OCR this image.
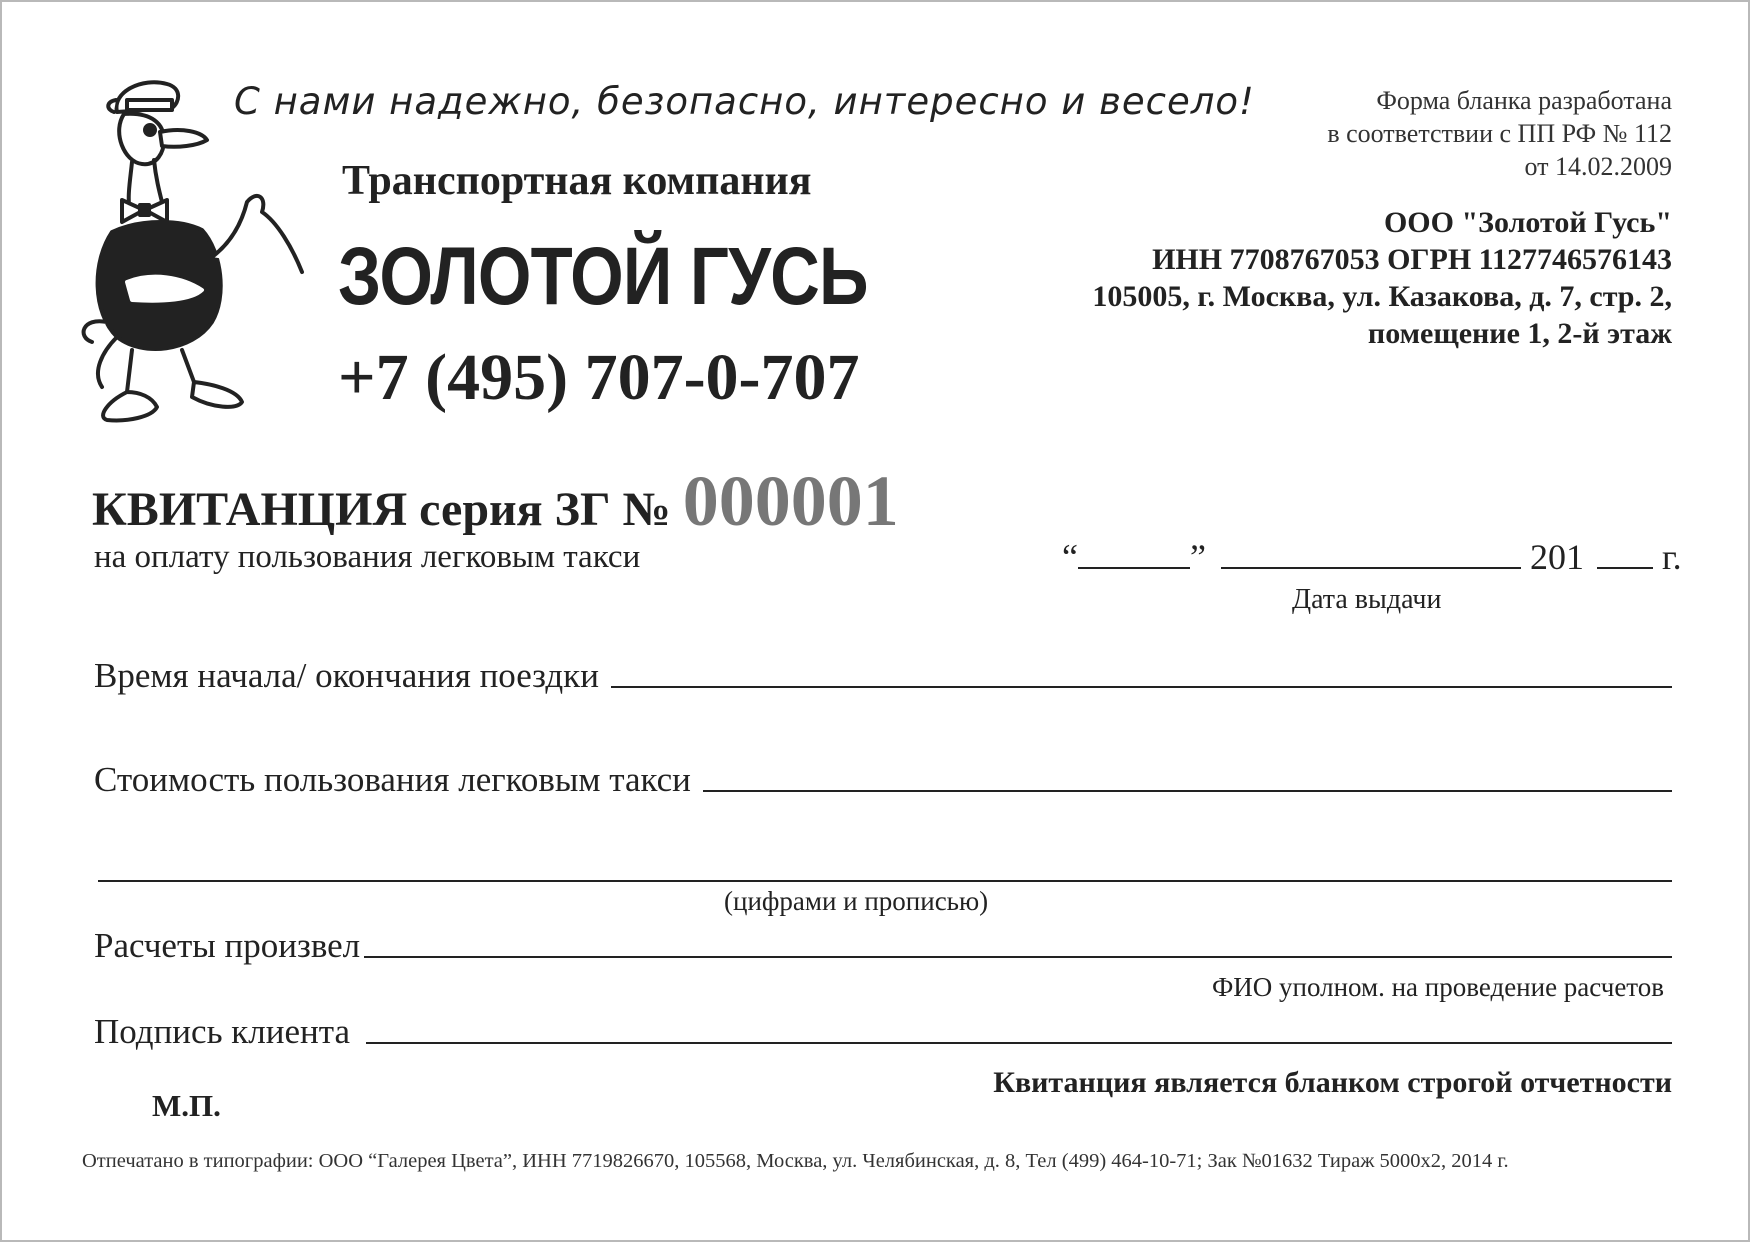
С нами надежно, безопасно, интересно и весело!
Транспортная компания
ЗОЛОТОЙ ГУСЬ
+7 (495) 707-0-707
Форма бланка разработана
в соответствии с ПП РФ № 112
от 14.02.2009
ООО "Золотой Гусь"
ИНН 7708767053 ОГРН 1127746576143
105005, г. Москва, ул. Казакова, д. 7, стр. 2,
помещение 1, 2-й этаж
КВИТАНЦИЯ серия ЗГ № 000001
на оплату пользования легковым такси	“	”	201 г.
Дата выдачи
Время начала/ окончания поездки
Стоимость пользования легковым такси
(цифрами и прописью)
Расчеты произвел
ФИО уполном. на проведение расчетов
Подпись клиента
Квитанция является бланком строгой отчетности
М.П.
Отпечатано в типографии: ООО “Галерея Цвета”, ИНН 7719826670, 105568, Москва, ул. Челябинская, д. 8, Тел (499) 464-10-71; Зак №01632 Тираж 5000х2, 2014 г.
